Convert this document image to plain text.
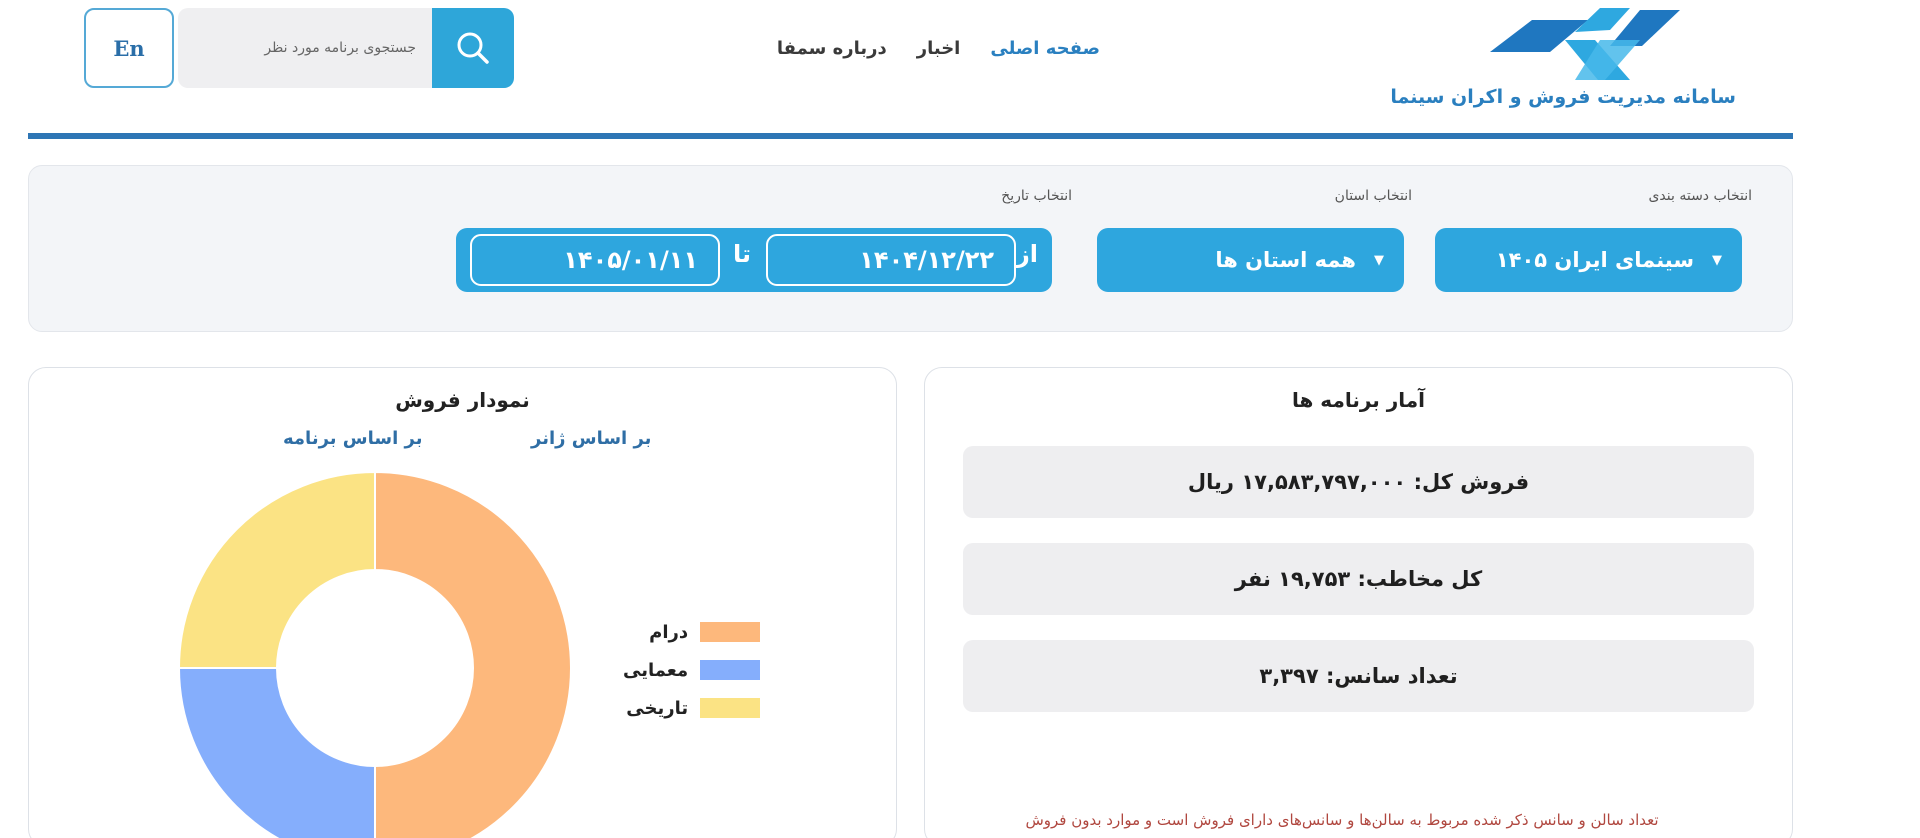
سامانه مدیریت فروش و اکران سینما
صفحه اصلی
اخبار
درباره سمفا
جستجوی برنامه مورد نظر
En
انتخاب دسته بندی
انتخاب استان
انتخاب تاریخ
▼
سینمای ایران ۱۴۰۵
▼
همه استان ها
از
۱۴۰۴/۱۲/۲۲
تا
۱۴۰۵/۰۱/۱۱
آمار برنامه ها
فروش کل: ۱۷,۵۸۳,۷۹۷,۰۰۰ ریال
کل مخاطب: ۱۹,۷۵۳ نفر
تعداد سانس: ۳,۳۹۷
تعداد سالن و سانس ذکر شده مربوط به سالن‌ها و سانس‌های دارای فروش است و موارد بدون فروش
نمودار فروش
بر اساس ژانر
بر اساس برنامه
درام
معمایی
تاریخی
